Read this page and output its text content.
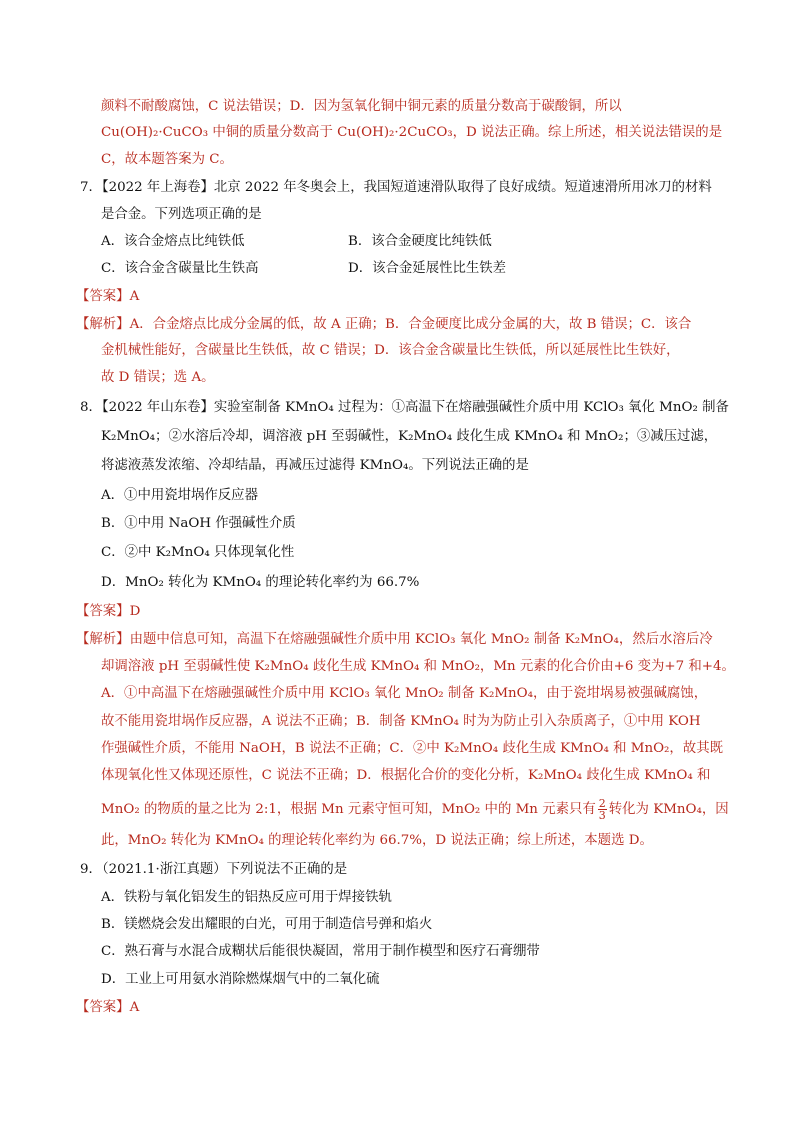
颜料不耐酸腐蚀，C 说法错误；D．因为氢氧化铜中铜元素的质量分数高于碳酸铜，所以
Cu(OH)₂·CuCO₃ 中铜的质量分数高于 Cu(OH)₂·2CuCO₃，D 说法正确。综上所述，相关说法错误的是
C，故本题答案为 C。
7．【2022 年上海卷】北京 2022 年冬奥会上，我国短道速滑队取得了良好成绩。短道速滑所用冰刀的材料
是合金。下列选项正确的是
A．该合金熔点比纯铁低	B．该合金硬度比纯铁低
C．该合金含碳量比生铁高	D．该合金延展性比生铁差
【答案】A
【解析】A．合金熔点比成分金属的低，故 A 正确；B．合金硬度比成分金属的大，故 B 错误；C．该合
金机械性能好，含碳量比生铁低，故 C 错误；D．该合金含碳量比生铁低，所以延展性比生铁好，
故 D 错误；选 A。
8．【2022 年山东卷】实验室制备 KMnO₄ 过程为：①高温下在熔融强碱性介质中用 KClO₃ 氧化 MnO₂ 制备
K₂MnO₄；②水溶后冷却，调溶液 pH 至弱碱性，K₂MnO₄ 歧化生成 KMnO₄ 和 MnO₂；③减压过滤，
将滤液蒸发浓缩、冷却结晶，再减压过滤得 KMnO₄。下列说法正确的是
A．①中用瓷坩埚作反应器
B．①中用 NaOH 作强碱性介质
C．②中 K₂MnO₄ 只体现氧化性
D．MnO₂ 转化为 KMnO₄ 的理论转化率约为 66.7%
【答案】D
【解析】由题中信息可知，高温下在熔融强碱性介质中用 KClO₃ 氧化 MnO₂ 制备 K₂MnO₄，然后水溶后冷
却调溶液 pH 至弱碱性使 K₂MnO₄ 歧化生成 KMnO₄ 和 MnO₂，Mn 元素的化合价由+6 变为+7 和+4。
A．①中高温下在熔融强碱性介质中用 KClO₃ 氧化 MnO₂ 制备 K₂MnO₄，由于瓷坩埚易被强碱腐蚀，
故不能用瓷坩埚作反应器，A 说法不正确；B．制备 KMnO₄ 时为为防止引入杂质离子，①中用 KOH
作强碱性介质，不能用 NaOH，B 说法不正确；C．②中 K₂MnO₄ 歧化生成 KMnO₄ 和 MnO₂，故其既
体现氧化性又体现还原性，C 说法不正确；D．根据化合价的变化分析，K₂MnO₄ 歧化生成 KMnO₄ 和
MnO₂ 的物质的量之比为 2:1，根据 Mn 元素守恒可知，MnO₂ 中的 Mn 元素只有 $\frac{2}{3}$ 转化为 KMnO₄，因
此，MnO₂ 转化为 KMnO₄ 的理论转化率约为 66.7%，D 说法正确；综上所述，本题选 D。
9．（2021.1·浙江真题）下列说法不正确的是
A．铁粉与氧化铝发生的铝热反应可用于焊接铁轨
B．镁燃烧会发出耀眼的白光，可用于制造信号弹和焰火
C．熟石膏与水混合成糊状后能很快凝固，常用于制作模型和医疗石膏绷带
D．工业上可用氨水消除燃煤烟气中的二氧化硫
【答案】A
